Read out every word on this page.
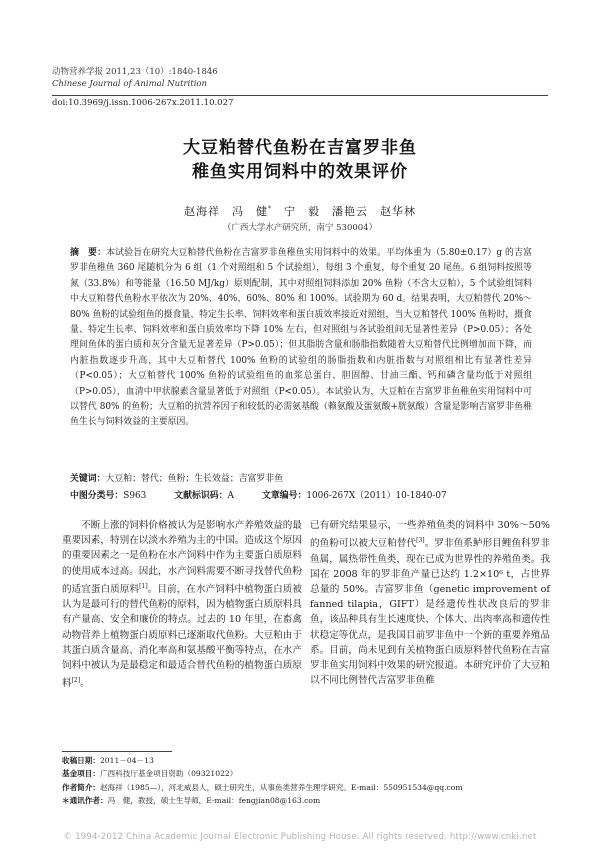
动物营养学报 2011,23（10）:1840-1846
Chinese Journal of Animal Nutrition
doi:10.3969/j.issn.1006-267x.2011.10.027
大豆粕替代鱼粉在吉富罗非鱼
稚鱼实用饲料中的效果评价
赵海祥　冯　健*　宁　毅　潘艳云　赵华林
（广西大学水产研究所，南宁 530004）
摘　要：本试验旨在研究大豆粕替代鱼粉在吉富罗非鱼稚鱼实用饲料中的效果。平均体重为（5.80±0.17）g 的吉富罗非鱼稚鱼 360 尾随机分为 6 组（1 个对照组和 5 个试验组），每组 3 个重复，每个重复 20 尾鱼。6 组饲料按照等氮（33.8%）和等能量（16.50 MJ/kg）原则配制，其中对照组饲料添加 20% 鱼粉（不含大豆粕），5 个试验组饲料中大豆粕替代鱼粉水平依次为 20%、40%、60%、80% 和 100%。试验期为 60 d。结果表明，大豆粕替代 20%～80% 鱼粉的试验组鱼的摄食量、特定生长率、饲料效率和蛋白质效率接近对照组，当大豆粕替代 100% 鱼粉时，摄食量、特定生长率、饲料效率和蛋白质效率均下降 10% 左右，但对照组与各试验组间无显著性差异（P>0.05）；各处理间鱼体的蛋白质和灰分含量无显著差异（P>0.05）；但其脂肪含量和肠脂指数随着大豆粕替代比例增加而下降，而内脏指数逐步升高，其中大豆粕替代 100% 鱼粉的试验组的肠脂指数和内脏指数与对照组相比有显著性差异（P<0.05）；大豆粕替代 100% 鱼粉的试验组鱼的血浆总蛋白、胆固醇、甘油三酯、钙和磷含量均低于对照组（P>0.05），血清中甲状腺素含量显著低于对照组（P<0.05）。本试验认为，大豆粕在吉富罗非鱼稚鱼实用饲料中可以替代 80% 的鱼粉；大豆粕的抗营养因子和较低的必需氨基酸（赖氨酸及蛋氨酸+胱氨酸）含量是影响吉富罗非鱼稚鱼生长与饲料效益的主要原因。
关键词：大豆粕；替代；鱼粉；生长效益；吉富罗非鱼
中图分类号：S963	文献标识码：A	文章编号：1006-267X（2011）10-1840-07

不断上涨的饲料价格被认为是影响水产养殖效益的最重要因素，特别在以淡水养殖为主的中国。造成这个原因的重要因素之一是鱼粉在水产饲料中作为主要蛋白质原料的使用成本过高。因此，水产饲料需要不断寻找替代鱼粉的适宜蛋白质原料[1]。目前，在水产饲料中植物蛋白质被认为是最可行的替代鱼粉的原料，因为植物蛋白质原料具有产量高、安全和廉价的特点。过去的 10 年里，在畜禽动物营养上植物蛋白质原料已逐渐取代鱼粉。大豆粕由于其蛋白质含量高、消化率高和氨基酸平衡等特点，在水产饲料中被认为是最稳定和最适合替代鱼粉的植物蛋白质原料[2]。

已有研究结果显示，一些养殖鱼类的饲料中 30%～50% 的鱼粉可以被大豆粕替代[3]。罗非鱼系鲈形目鲤鱼科罗非鱼属，属热带性鱼类，现在已成为世界性的养殖鱼类。我国在 2008 年的罗非鱼产量已达约 1.2×10⁶ t，占世界总量的 50%。吉富罗非鱼（genetic improvement of fanned tilapia，GIFT）是经遗传性状改良后的罗非鱼，该品种具有生长速度快、个体大、出肉率高和遗传性状稳定等优点，是我国目前罗非鱼中一个新的重要养殖品系。目前，尚未见到有关植物蛋白质原料替代鱼粉在吉富罗非鱼实用饲料中效果的研究报道。本研究评价了大豆粕以不同比例替代吉富罗非鱼稚

收稿日期：2011－04－13
基金项目：广西科技厅基金项目资助（09321022）
作者简介：赵海祥（1985—），河北威县人，硕士研究生，从事鱼类营养生理学研究。E-mail：550951534@qq.com
＊通讯作者：冯　健，教授，硕士生导师，E-mail：fengjian08@163.com
© 1994-2012 China Academic Journal Electronic Publishing House. All rights reserved. http://www.cnki.net
